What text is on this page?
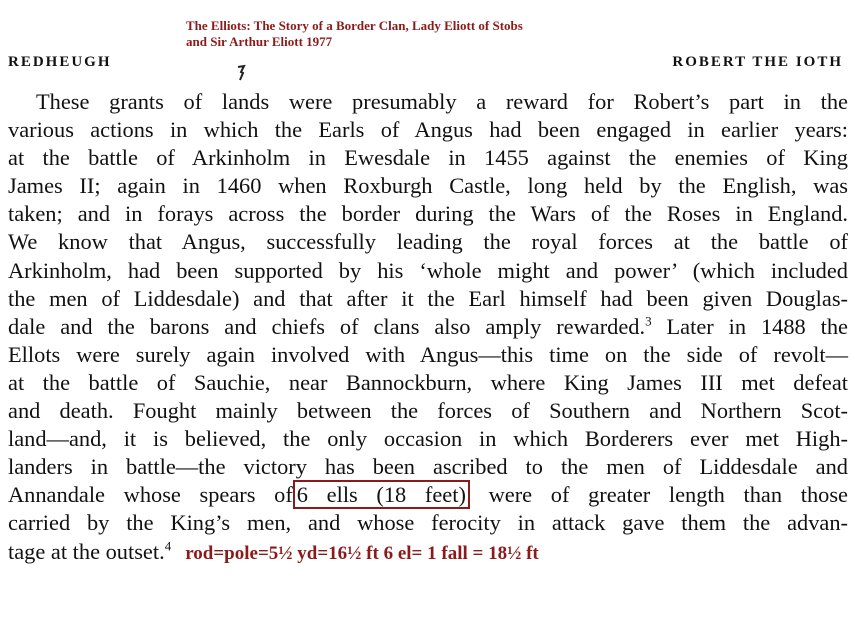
The Elliots: The Story of a Border Clan, Lady Eliott of Stobs
and Sir Arthur Eliott 1977
REDHEUGH	ROBERT THE IOTH
These grants of lands were presumably a reward for Robert’s part in the
various actions in which the Earls of Angus had been engaged in earlier years:
at the battle of Arkinholm in Ewesdale in 1455 against the enemies of King
James II; again in 1460 when Roxburgh Castle, long held by the English, was
taken; and in forays across the border during the Wars of the Roses in England.
We know that Angus, successfully leading the royal forces at the battle of
Arkinholm, had been supported by his ‘whole might and power’ (which included
the men of Liddesdale) and that after it the Earl himself had been given Douglas-
dale and the barons and chiefs of clans also amply rewarded.$^3$ Later in 1488 the
Ellots were surely again involved with Angus—this time on the side of revolt—
at the battle of Sauchie, near Bannockburn, where King James III met defeat
and death. Fought mainly between the forces of Southern and Northern Scot-
land—and, it is believed, the only occasion in which Borderers ever met High-
landers in battle—the victory has been ascribed to the men of Liddesdale and
Annandale whose spears of 6 ells (18 feet) were of greater length than those
carried by the King’s men, and whose ferocity in attack gave them the advan-
tage at the outset.$^4$ rod=pole=5½ yd=16½ ft 6 el= 1 fall = 18½ ft
